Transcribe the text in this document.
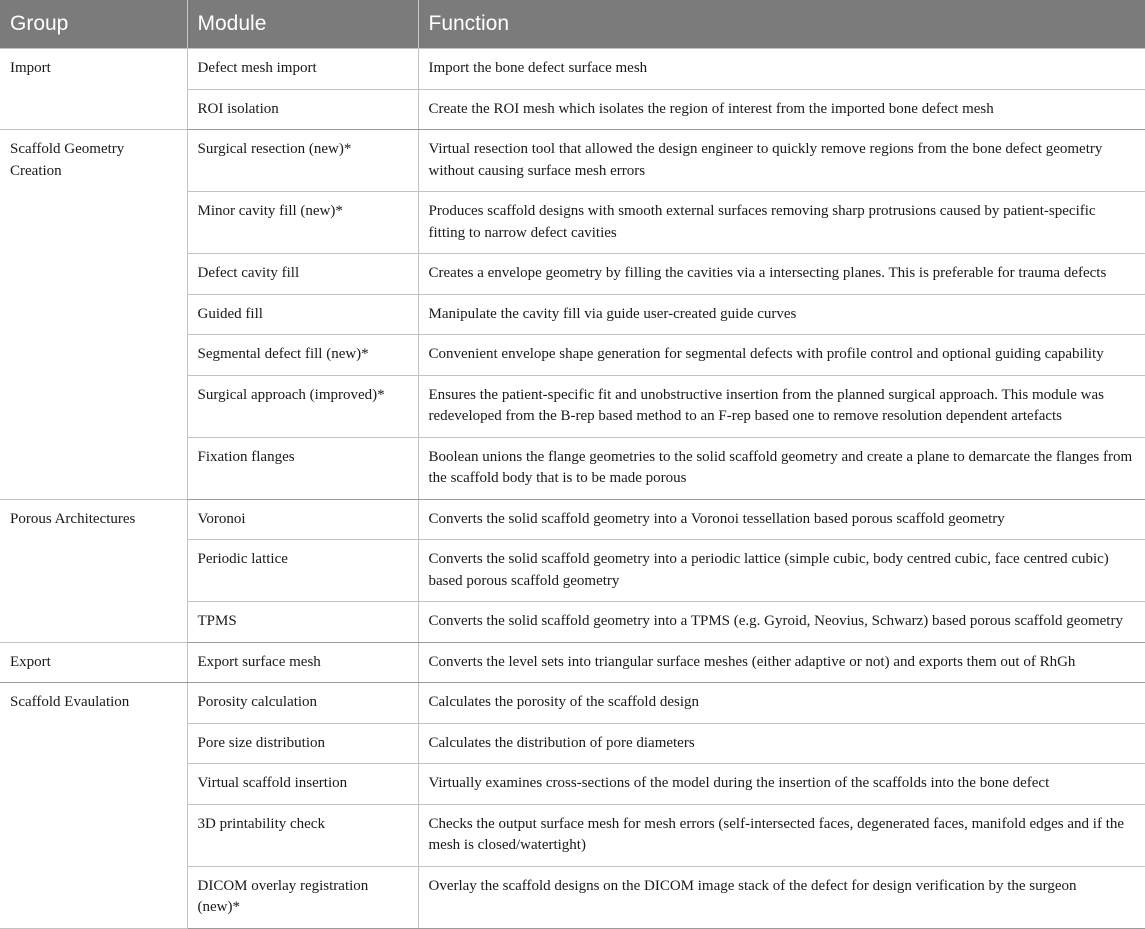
Group	Module	Function
Import	Defect mesh import	Import the bone defect surface mesh
	ROI isolation	Create the ROI mesh which isolates the region of interest from the imported bone defect mesh
Scaffold Geometry Creation	Surgical resection (new)*	Virtual resection tool that allowed the design engineer to quickly remove regions from the bone defect geometry without causing surface mesh errors
	Minor cavity fill (new)*	Produces scaffold designs with smooth external surfaces removing sharp protrusions caused by patient-specific fitting to narrow defect cavities
	Defect cavity fill	Creates a envelope geometry by filling the cavities via a intersecting planes. This is preferable for trauma defects
	Guided fill	Manipulate the cavity fill via guide user-created guide curves
	Segmental defect fill (new)*	Convenient envelope shape generation for segmental defects with profile control and optional guiding capability
	Surgical approach (improved)*	Ensures the patient-specific fit and unobstructive insertion from the planned surgical approach. This module was redeveloped from the B-rep based method to an F-rep based one to remove resolution dependent artefacts
	Fixation flanges	Boolean unions the flange geometries to the solid scaffold geometry and create a plane to demarcate the flanges from the scaffold body that is to be made porous
Porous Architectures	Voronoi	Converts the solid scaffold geometry into a Voronoi tessellation based porous scaffold geometry
	Periodic lattice	Converts the solid scaffold geometry into a periodic lattice (simple cubic, body centred cubic, face centred cubic) based porous scaffold geometry
	TPMS	Converts the solid scaffold geometry into a TPMS (e.g. Gyroid, Neovius, Schwarz) based porous scaffold geometry
Export	Export surface mesh	Converts the level sets into triangular surface meshes (either adaptive or not) and exports them out of RhGh
Scaffold Evaulation	Porosity calculation	Calculates the porosity of the scaffold design
	Pore size distribution	Calculates the distribution of pore diameters
	Virtual scaffold insertion	Virtually examines cross-sections of the model during the insertion of the scaffolds into the bone defect
	3D printability check	Checks the output surface mesh for mesh errors (self-intersected faces, degenerated faces, manifold edges and if the mesh is closed/watertight)
	DICOM overlay registration (new)*	Overlay the scaffold designs on the DICOM image stack of the defect for design verification by the surgeon
